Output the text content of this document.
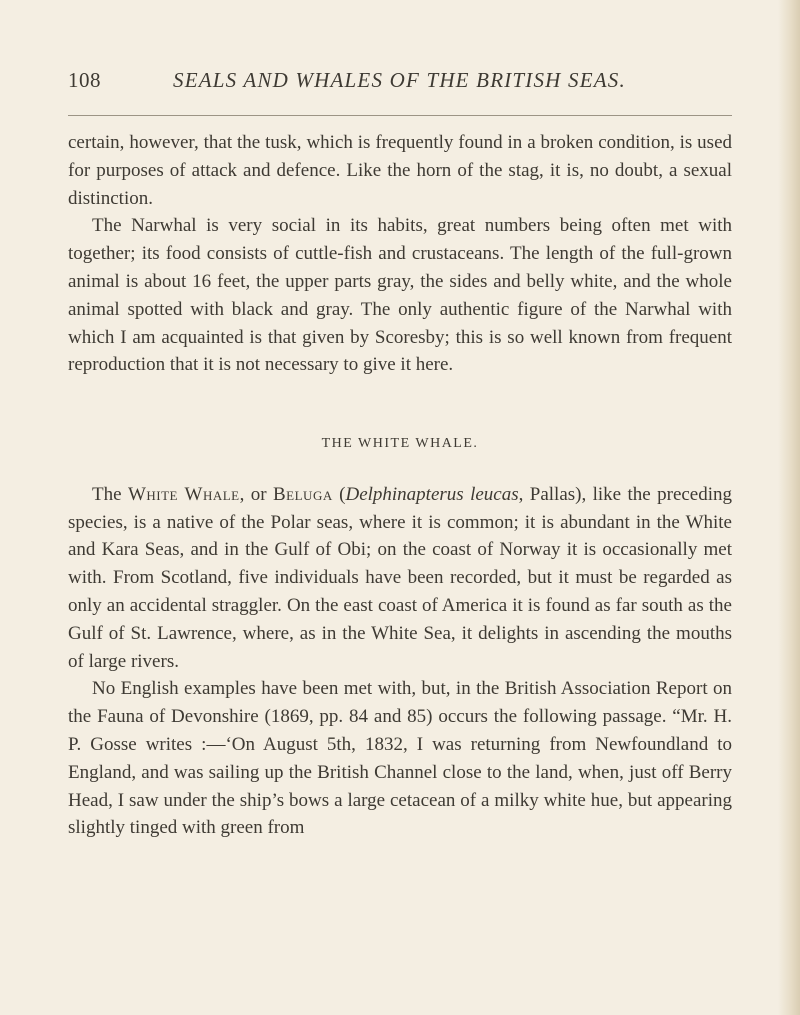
108	SEALS AND WHALES OF THE BRITISH SEAS.

certain, however, that the tusk, which is frequently found in a broken condition, is used for purposes of attack and defence. Like the horn of the stag, it is, no doubt, a sexual distinction.

The Narwhal is very social in its habits, great numbers being often met with together; its food consists of cuttle-fish and crustaceans. The length of the full-grown animal is about 16 feet, the upper parts gray, the sides and belly white, and the whole animal spotted with black and gray. The only authentic figure of the Narwhal with which I am acquainted is that given by Scoresby; this is so well known from frequent reproduction that it is not necessary to give it here.

THE WHITE WHALE.

The White Whale, or Beluga (Delphinapterus leucas, Pallas), like the preceding species, is a native of the Polar seas, where it is common; it is abundant in the White and Kara Seas, and in the Gulf of Obi; on the coast of Norway it is occasionally met with. From Scotland, five individuals have been recorded, but it must be regarded as only an accidental straggler. On the east coast of America it is found as far south as the Gulf of St. Lawrence, where, as in the White Sea, it delights in ascending the mouths of large rivers.

No English examples have been met with, but, in the British Association Report on the Fauna of Devonshire (1869, pp. 84 and 85) occurs the following passage. “Mr. H. P. Gosse writes :—‘On August 5th, 1832, I was returning from Newfoundland to England, and was sailing up the British Channel close to the land, when, just off Berry Head, I saw under the ship’s bows a large cetacean of a milky white hue, but appearing slightly tinged with green from
